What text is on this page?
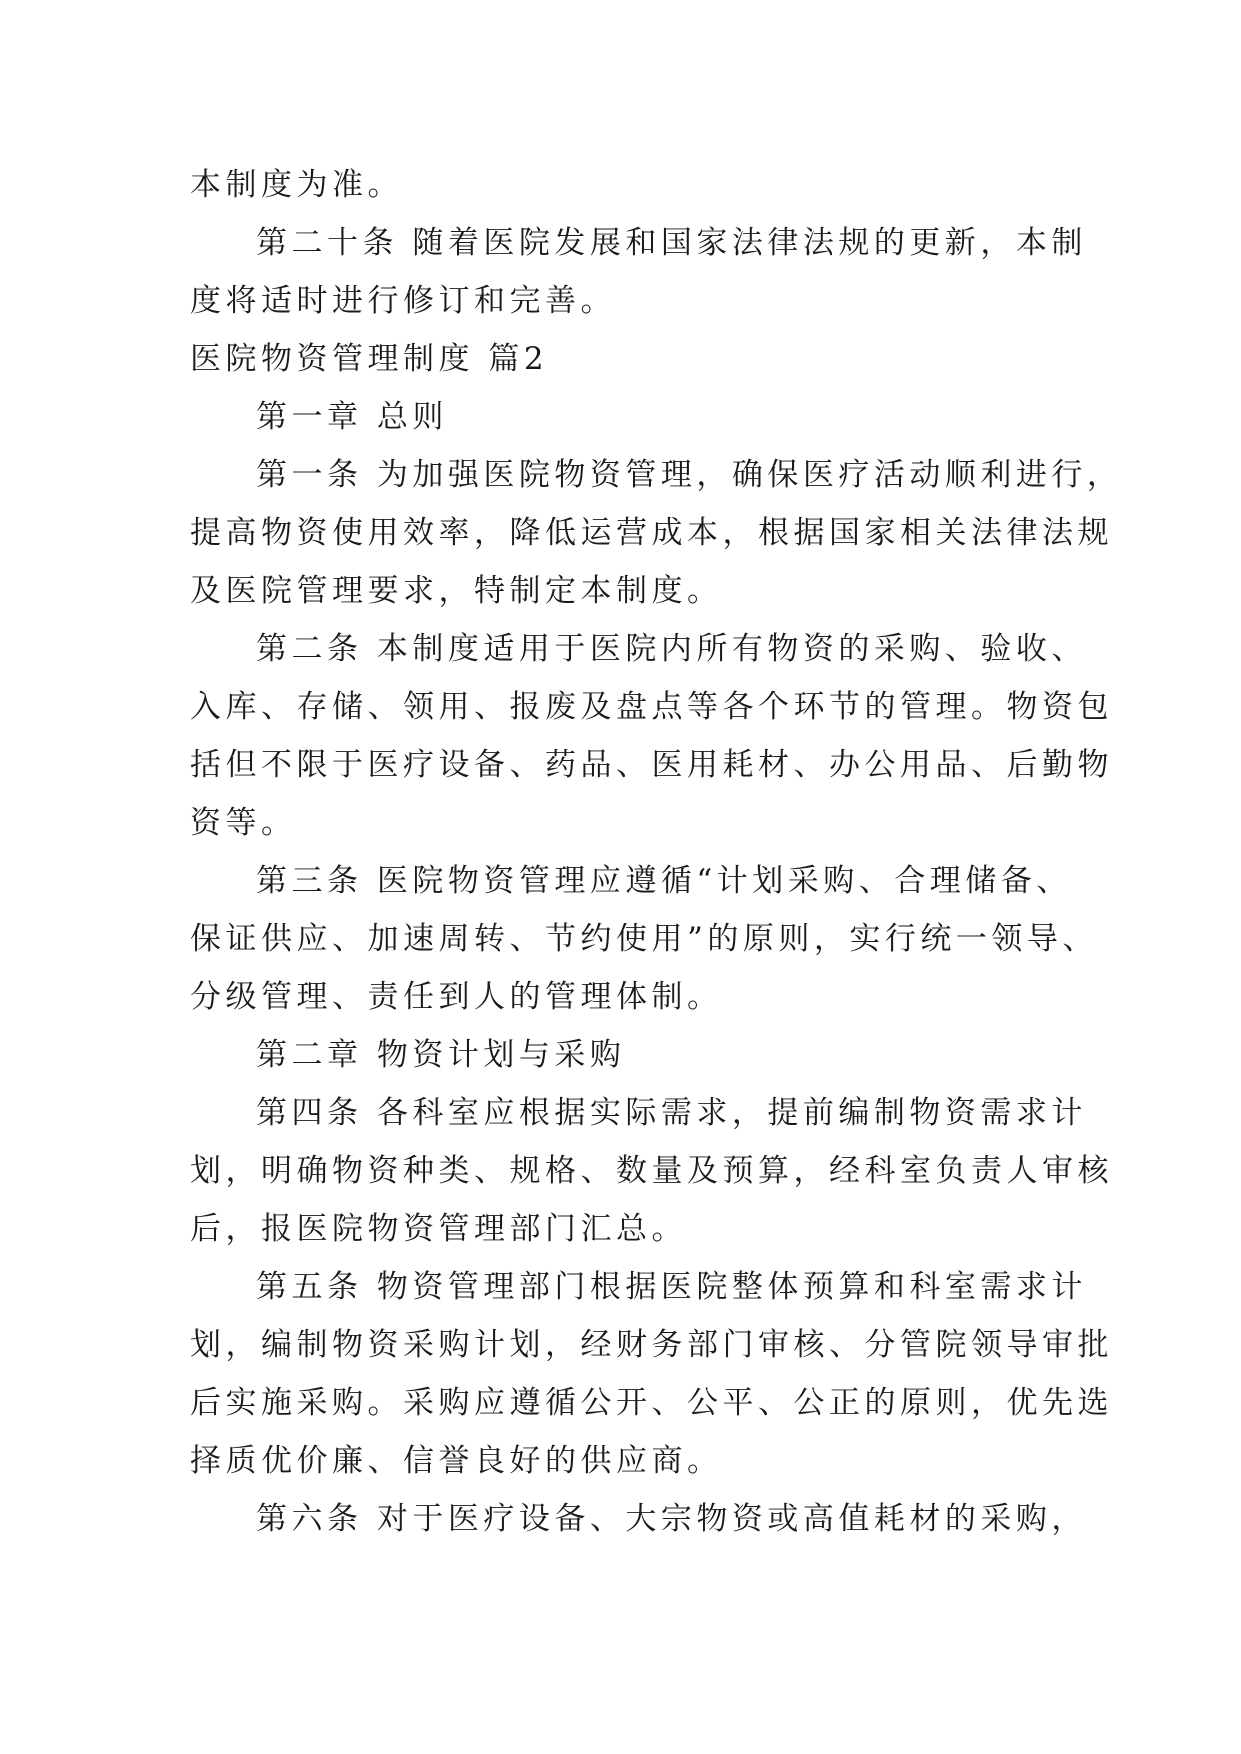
本制度为准。
第二十条 随着医院发展和国家法律法规的更新，本制
度将适时进行修订和完善。
医院物资管理制度 篇2
第一章 总则
第一条 为加强医院物资管理，确保医疗活动顺利进行，
提高物资使用效率，降低运营成本，根据国家相关法律法规
及医院管理要求，特制定本制度。
第二条 本制度适用于医院内所有物资的采购、验收、
入库、存储、领用、报废及盘点等各个环节的管理。物资包
括但不限于医疗设备、药品、医用耗材、办公用品、后勤物
资等。
第三条 医院物资管理应遵循“计划采购、合理储备、
保证供应、加速周转、节约使用”的原则，实行统一领导、
分级管理、责任到人的管理体制。
第二章 物资计划与采购
第四条 各科室应根据实际需求，提前编制物资需求计
划，明确物资种类、规格、数量及预算，经科室负责人审核
后，报医院物资管理部门汇总。
第五条 物资管理部门根据医院整体预算和科室需求计
划，编制物资采购计划，经财务部门审核、分管院领导审批
后实施采购。采购应遵循公开、公平、公正的原则，优先选
择质优价廉、信誉良好的供应商。
第六条 对于医疗设备、大宗物资或高值耗材的采购，
